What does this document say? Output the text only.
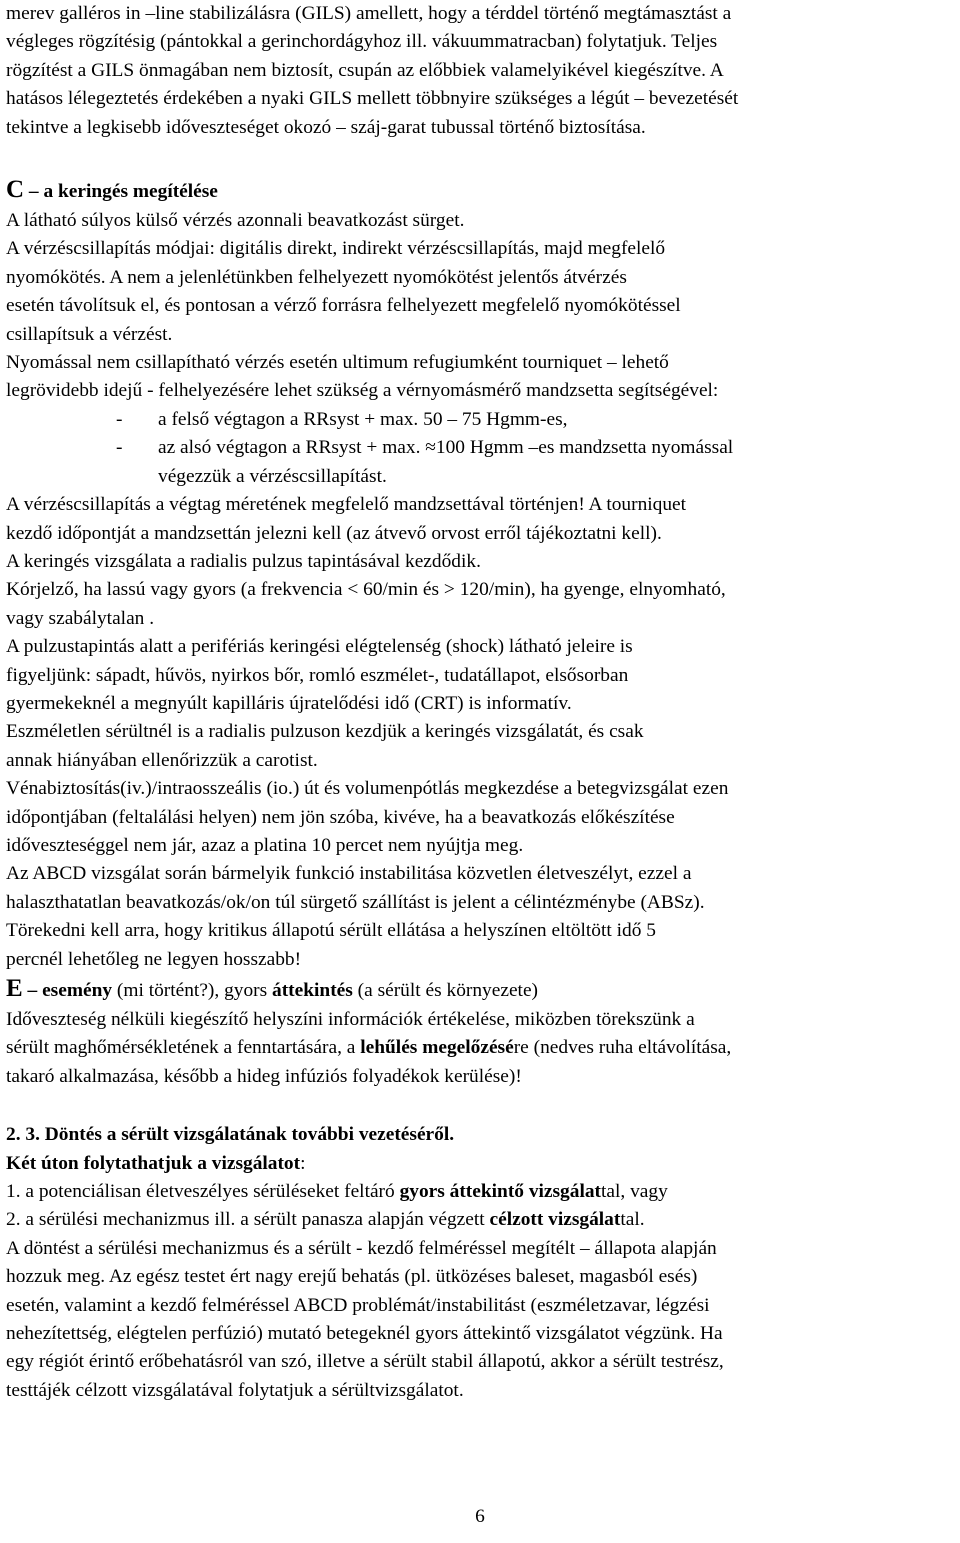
merev galléros in –line stabilizálásra (GILS) amellett, hogy a térddel történő megtámasztást a
végleges rögzítésig (pántokkal a gerinchordágyhoz ill. vákuummatracban) folytatjuk. Teljes
rögzítést a GILS önmagában nem biztosít, csupán az előbbiek valamelyikével kiegészítve. A
hatásos lélegeztetés érdekében a nyaki GILS mellett többnyire szükséges a légút – bevezetését
tekintve a legkisebb időveszteséget okozó – száj-garat tubussal történő biztosítása.
C – a keringés megítélése
A látható súlyos külső vérzés azonnali beavatkozást sürget.
A vérzéscsillapítás módjai: digitális direkt, indirekt vérzéscsillapítás, majd megfelelő
nyomókötés. A nem a jelenlétünkben felhelyezett nyomókötést jelentős átvérzés
esetén távolítsuk el, és pontosan a vérző forrásra felhelyezett megfelelő nyomókötéssel
csillapítsuk a vérzést.
Nyomással nem csillapítható vérzés esetén ultimum refugiumként tourniquet – lehető
legrövidebb idejű - felhelyezésére lehet szükség a vérnyomásmérő mandzsetta segítségével:
- a felső végtagon a RRsyst + max. 50 – 75 Hgmm-es,
- az alsó végtagon a RRsyst + max. ≈100 Hgmm –es mandzsetta nyomással
végezzük a vérzéscsillapítást.
A vérzéscsillapítás a végtag méretének megfelelő mandzsettával történjen! A tourniquet
kezdő időpontját a mandzsettán jelezni kell (az átvevő orvost erről tájékoztatni kell).
A keringés vizsgálata a radialis pulzus tapintásával kezdődik.
Kórjelző, ha lassú vagy gyors (a frekvencia < 60/min és > 120/min), ha gyenge, elnyomható,
vagy szabálytalan .
A pulzustapintás alatt a perifériás keringési elégtelenség (shock) látható jeleire is
figyeljünk: sápadt, hűvös, nyirkos bőr, romló eszmélet-, tudatállapot, elsősorban
gyermekeknél a megnyúlt kapilláris újratelődési idő (CRT) is informatív.
Eszméletlen sérültnél is a radialis pulzuson kezdjük a keringés vizsgálatát, és csak
annak hiányában ellenőrizzük a carotist.
Vénabiztosítás(iv.)/intraosszeális (io.) út és volumenpótlás megkezdése a betegvizsgálat ezen
időpontjában (feltalálási helyen) nem jön szóba, kivéve, ha a beavatkozás előkészítése
időveszteséggel nem jár, azaz a platina 10 percet nem nyújtja meg.
Az ABCD vizsgálat során bármelyik funkció instabilitása közvetlen életveszélyt, ezzel a
halaszthatatlan beavatkozás/ok/on túl sürgető szállítást is jelent a célintézménybe (ABSz).
Törekedni kell arra, hogy kritikus állapotú sérült ellátása a helyszínen eltöltött idő 5
percnél lehetőleg ne legyen hosszabb!
E – esemény (mi történt?), gyors áttekintés (a sérült és környezete)
Időveszteség nélküli kiegészítő helyszíni információk értékelése, miközben törekszünk a
sérült maghőmérsékletének a fenntartására, a lehűlés megelőzésére (nedves ruha eltávolítása,
takaró alkalmazása, később a hideg infúziós folyadékok kerülése)!
2. 3. Döntés a sérült vizsgálatának további vezetéséről.
Két úton folytathatjuk a vizsgálatot:
1. a potenciálisan életveszélyes sérüléseket feltáró gyors áttekintő vizsgálattal, vagy
2. a sérülési mechanizmus ill. a sérült panasza alapján végzett célzott vizsgálattal.
A döntést a sérülési mechanizmus és a sérült - kezdő felméréssel megítélt – állapota alapján
hozzuk meg. Az egész testet ért nagy erejű behatás (pl. ütközéses baleset, magasból esés)
esetén, valamint a kezdő felméréssel ABCD problémát/instabilitást (eszméletzavar, légzési
nehezítettség, elégtelen perfúzió) mutató betegeknél gyors áttekintő vizsgálatot végzünk. Ha
egy régiót érintő erőbehatásról van szó, illetve a sérült stabil állapotú, akkor a sérült testrész,
testtájék célzott vizsgálatával folytatjuk a sérültvizsgálatot.
6
